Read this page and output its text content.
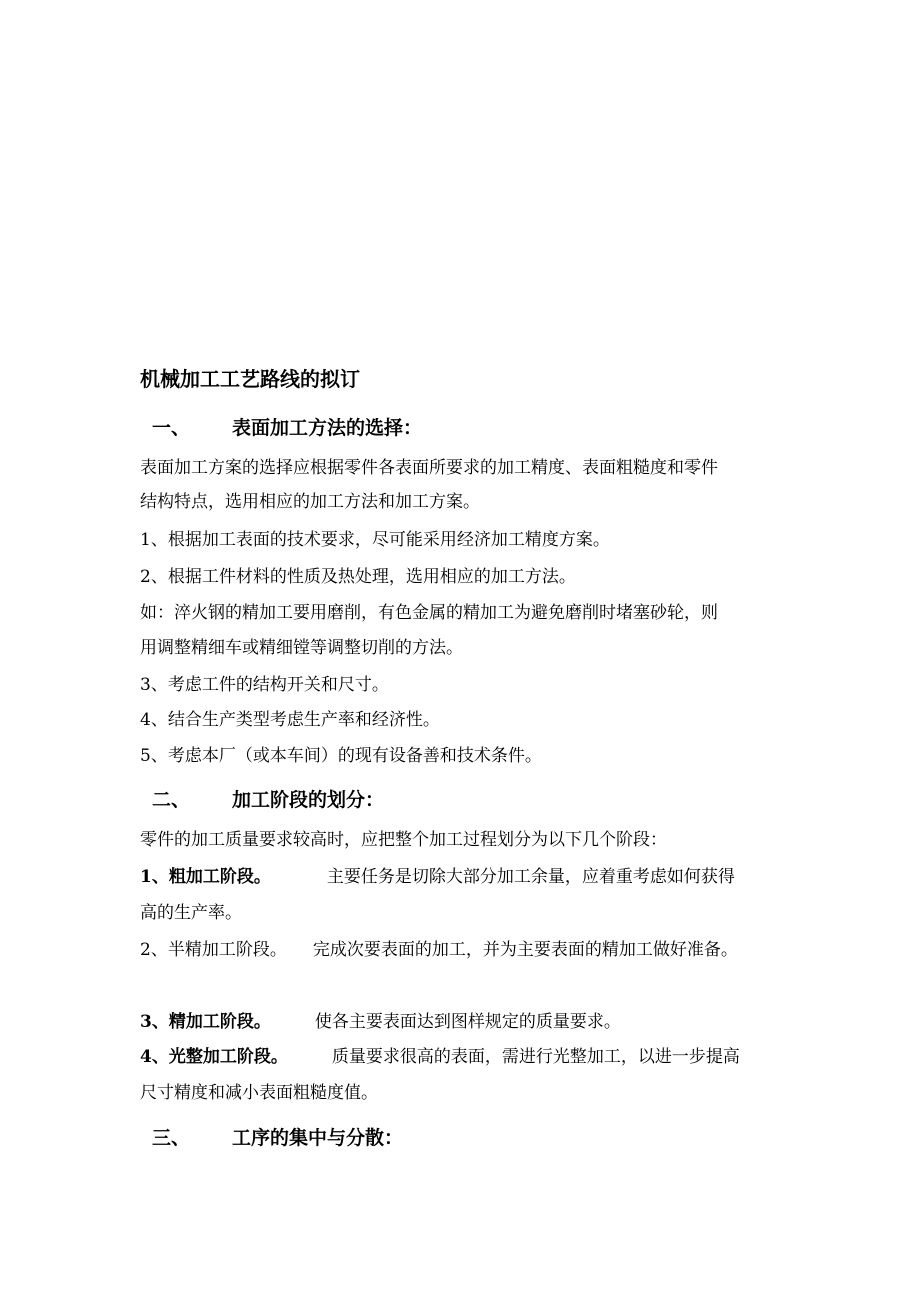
机械加工工艺路线的拟订
一、 表面加工方法的选择：
表面加工方案的选择应根据零件各表面所要求的加工精度、表面粗糙度和零件
结构特点，选用相应的加工方法和加工方案。
1、根据加工表面的技术要求，尽可能采用经济加工精度方案。
2、根据工件材料的性质及热处理，选用相应的加工方法。
如：淬火钢的精加工要用磨削，有色金属的精加工为避免磨削时堵塞砂轮，则
用调整精细车或精细镗等调整切削的方法。
3、考虑工件的结构开关和尺寸。
4、结合生产类型考虑生产率和经济性。
5、考虑本厂（或本车间）的现有设备善和技术条件。
二、 加工阶段的划分：
零件的加工质量要求较高时，应把整个加工过程划分为以下几个阶段：
1、粗加工阶段。	主要任务是切除大部分加工余量，应着重考虑如何获得
高的生产率。
2、半精加工阶段。 完成次要表面的加工，并为主要表面的精加工做好准备。
3、精加工阶段。	使各主要表面达到图样规定的质量要求。
4、光整加工阶段。	质量要求很高的表面，需进行光整加工，以进一步提高
尺寸精度和减小表面粗糙度值。
三、 工序的集中与分散：
